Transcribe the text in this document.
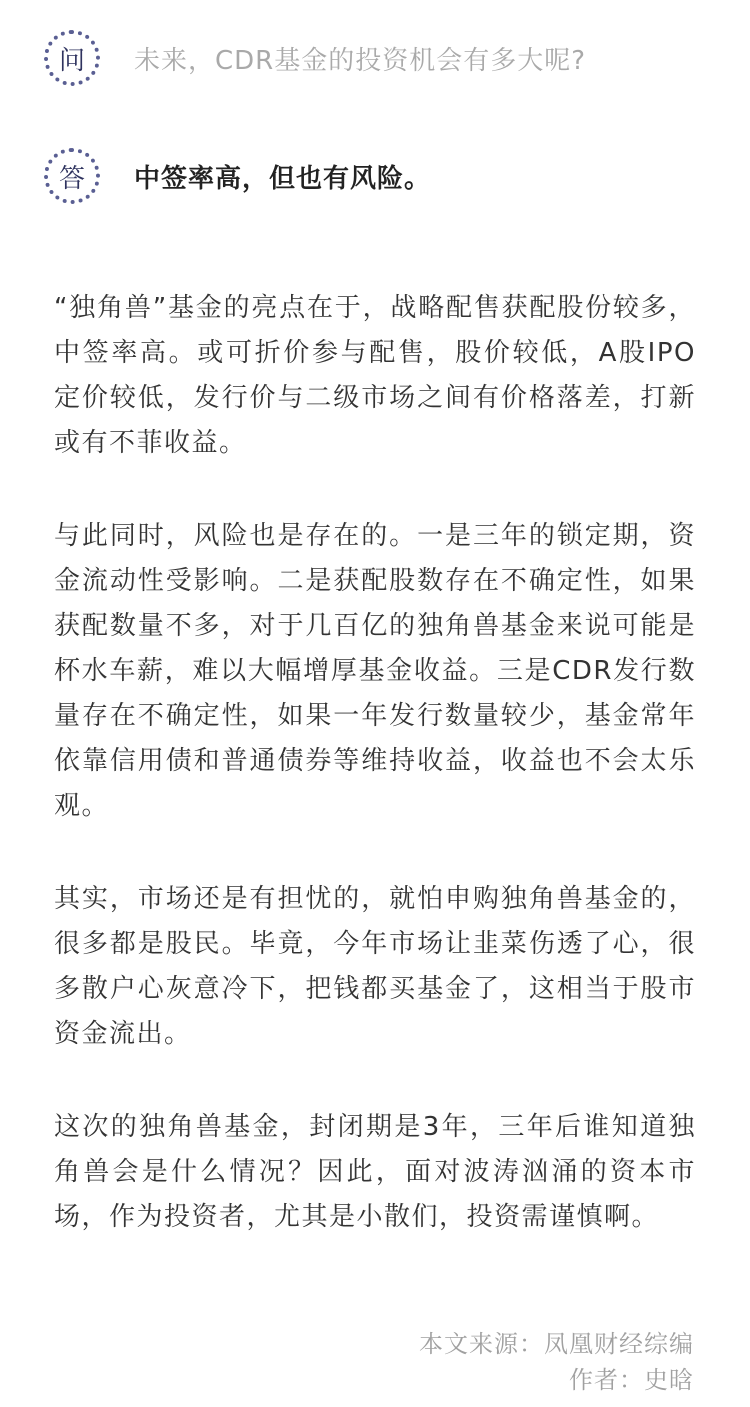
问	未来，CDR基金的投资机会有多大呢?
答	中签率高，但也有风险。

“独角兽”基金的亮点在于，战略配售获配股份较多，中签率高。或可折价参与配售，股价较低，A股IPO定价较低，发行价与二级市场之间有价格落差，打新或有不菲收益。

与此同时，风险也是存在的。一是三年的锁定期，资金流动性受影响。二是获配股数存在不确定性，如果获配数量不多，对于几百亿的独角兽基金来说可能是杯水车薪，难以大幅增厚基金收益。三是CDR发行数量存在不确定性，如果一年发行数量较少，基金常年依靠信用债和普通债券等维持收益，收益也不会太乐观。

其实，市场还是有担忧的，就怕申购独角兽基金的，很多都是股民。毕竟，今年市场让韭菜伤透了心，很多散户心灰意冷下，把钱都买基金了，这相当于股市资金流出。

这次的独角兽基金，封闭期是3年，三年后谁知道独角兽会是什么情况？因此，面对波涛汹涌的资本市场，作为投资者，尤其是小散们，投资需谨慎啊。

本文来源：凤凰财经综编
作者：史晗
